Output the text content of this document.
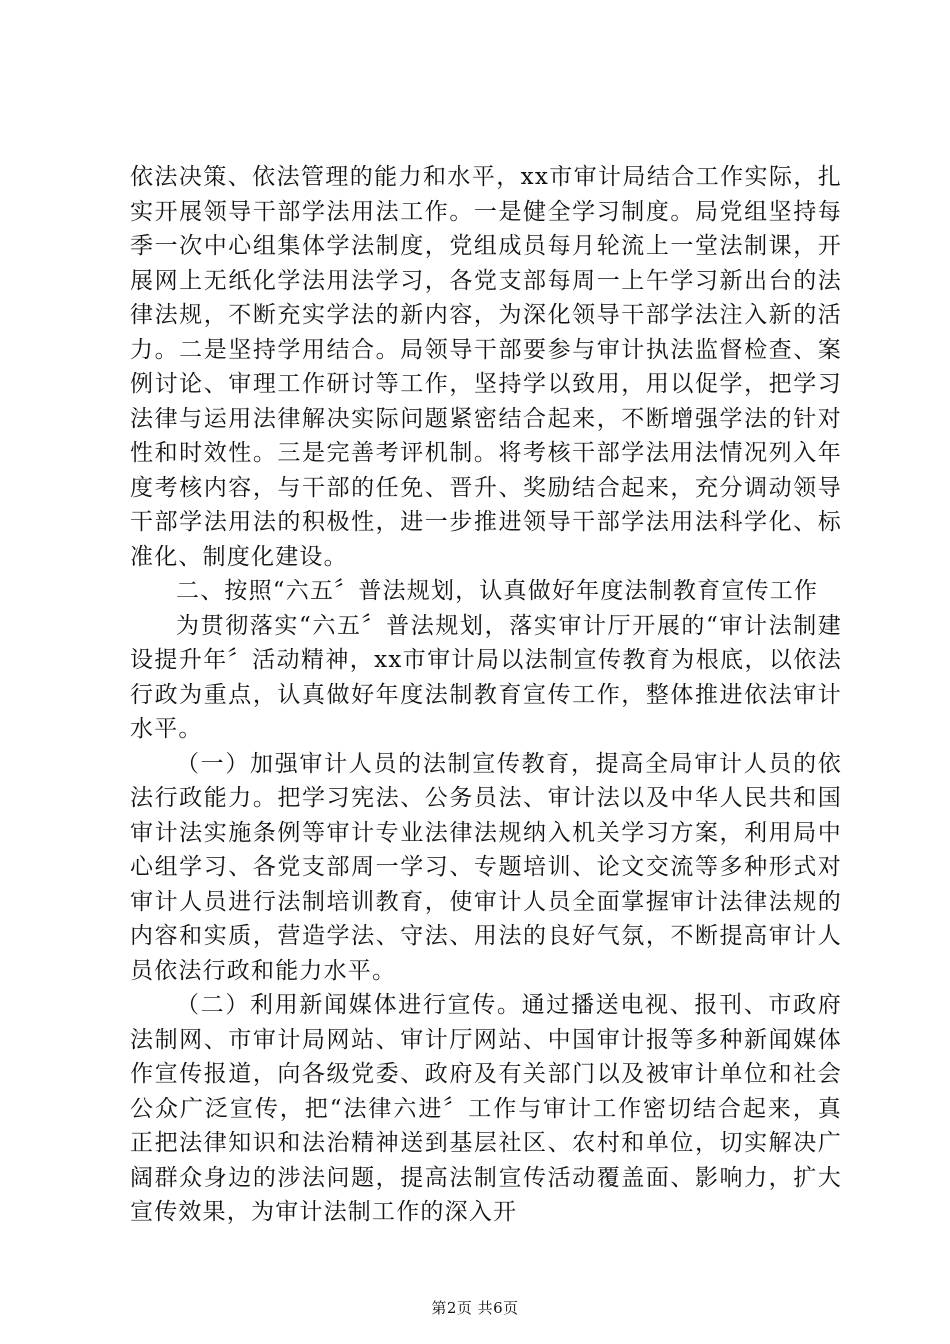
依法决策、依法管理的能力和水平，xx市审计局结合工作实际，扎实开展领导干部学法用法工作。一是健全学习制度。局党组坚持每季一次中心组集体学法制度，党组成员每月轮流上一堂法制课，开展网上无纸化学法用法学习，各党支部每周一上午学习新出台的法律法规，不断充实学法的新内容，为深化领导干部学法注入新的活力。二是坚持学用结合。局领导干部要参与审计执法监督检查、案例讨论、审理工作研讨等工作，坚持学以致用，用以促学，把学习法律与运用法律解决实际问题紧密结合起来，不断增强学法的针对性和时效性。三是完善考评机制。将考核干部学法用法情况列入年度考核内容，与干部的任免、晋升、奖励结合起来，充分调动领导干部学法用法的积极性，进一步推进领导干部学法用法科学化、标准化、制度化建设。

二、按照“六五〞普法规划，认真做好年度法制教育宣传工作

为贯彻落实“六五〞普法规划，落实审计厅开展的“审计法制建设提升年〞活动精神，xx市审计局以法制宣传教育为根底，以依法行政为重点，认真做好年度法制教育宣传工作，整体推进依法审计水平。

（一）加强审计人员的法制宣传教育，提高全局审计人员的依法行政能力。把学习宪法、公务员法、审计法以及中华人民共和国审计法实施条例等审计专业法律法规纳入机关学习方案，利用局中心组学习、各党支部周一学习、专题培训、论文交流等多种形式对审计人员进行法制培训教育，使审计人员全面掌握审计法律法规的内容和实质，营造学法、守法、用法的良好气氛，不断提高审计人员依法行政和能力水平。

（二）利用新闻媒体进行宣传。通过播送电视、报刊、市政府法制网、市审计局网站、审计厅网站、中国审计报等多种新闻媒体作宣传报道，向各级党委、政府及有关部门以及被审计单位和社会公众广泛宣传，把“法律六进〞工作与审计工作密切结合起来，真正把法律知识和法治精神送到基层社区、农村和单位，切实解决广阔群众身边的涉法问题，提高法制宣传活动覆盖面、影响力，扩大宣传效果，为审计法制工作的深入开

第2页 共6页
